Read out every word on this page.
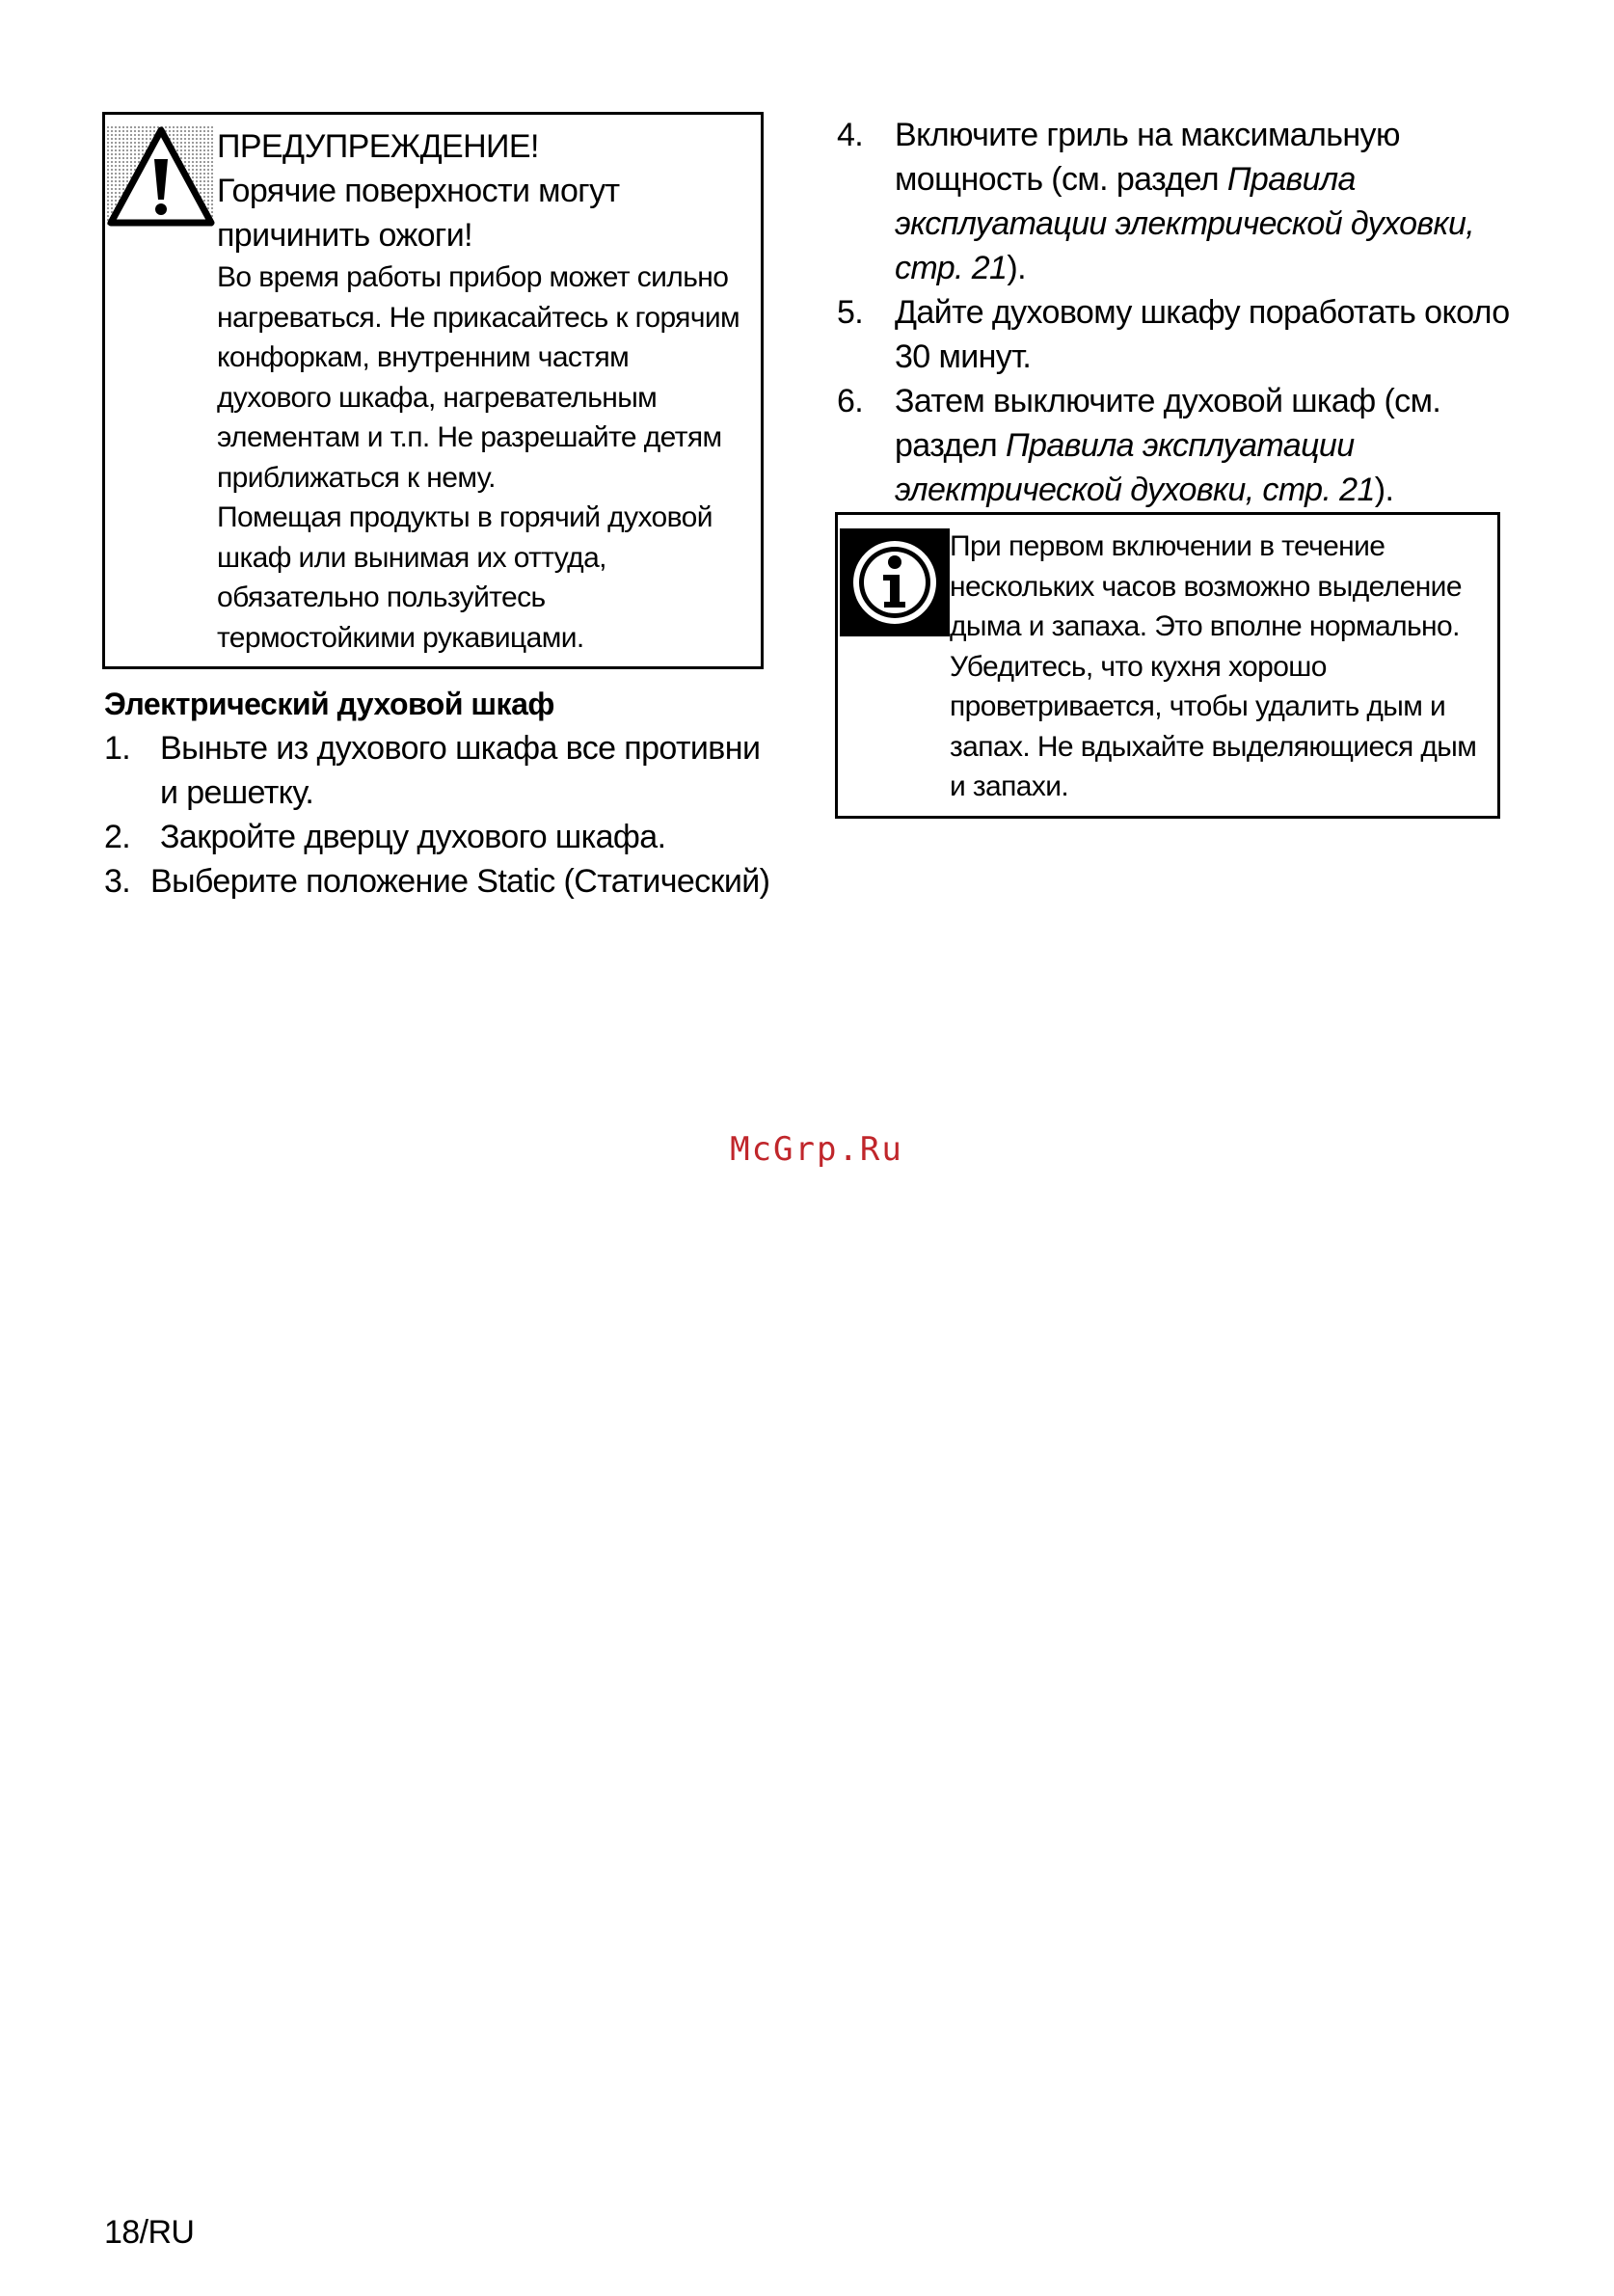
ПРЕДУПРЕЖДЕНИЕ!
Горячие поверхности могут
причинить ожоги!
Во время работы прибор может сильно
нагреваться. Не прикасайтесь к горячим
конфоркам, внутренним частям
духового шкафа, нагревательным
элементам и т.п. Не разрешайте детям
приближаться к нему.
Помещая продукты в горячий духовой
шкаф или вынимая их оттуда,
обязательно пользуйтесь
термостойкими рукавицами.
Электрический духовой шкаф
1. Выньте из духового шкафа все противни
и решетку.
2. Закройте дверцу духового шкафа.
3. Выберите положение Static (Статический)
4. Включите гриль на максимальную
мощность (см. раздел Правила
эксплуатации электрической духовки,
стр. 21).
5. Дайте духовому шкафу поработать около
30 минут.
6. Затем выключите духовой шкаф (см.
раздел Правила эксплуатации
электрической духовки, стр. 21).
При первом включении в течение
нескольких часов возможно выделение
дыма и запаха. Это вполне нормально.
Убедитесь, что кухня хорошо
проветривается, чтобы удалить дым и
запах. Не вдыхайте выделяющиеся дым
и запахи.
McGrp.Ru
18/RU
